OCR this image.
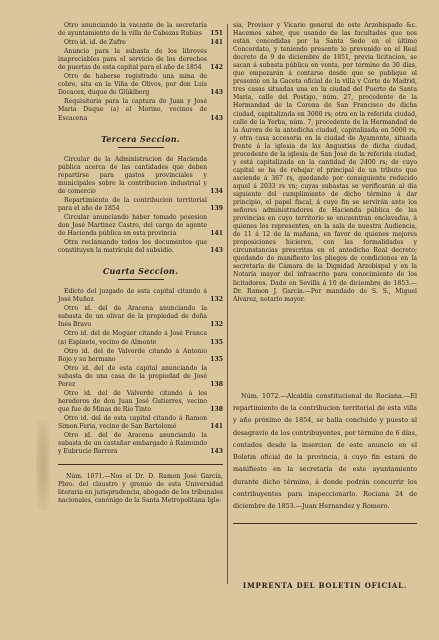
Otro anunciando la vacante de la secretaría de ayuntamiento de la villa de Cabezas Rubias	151
Otro id. id. de Zufre	141
Anuncio para la subasta de los librovés inapreciables para el servicio de los derechos de puertas de esta capital para el año de 1854	142
Otro de haberse registrado una mina de cobre, sita en la Viña de Olivos, por don Luis Docacex, duque de Glükiberg	143
Requisitoria para la captura de Juan y José Maria Duque (a) el Morino, vecinos de Escacena	143
Tercera Seccion.
Circular de la Administracion de Hacienda pública acerca de las cantidades que deben repartirse para gastos provinciales y municipales sobre la contribucion industrial y de comercio	134
Repartimiento de la contribucion territorial para el año de 1854	139
Circular anunciando haber tomado posesion don José Martinez Castro, del cargo de agente de Hacienda pública en esta provincia	141
Otra reclamando todos los documentos que constituyen la matrícula del subsidio.	143
Cuarta Seccion.
Edicto del juzgado de esta capital citando á José Muñoz	132
Otro id. del de Aracena anunciando la subasta de un olivar de la propiedad de doña Inés Bravo	132
Otro id. del de Moguer citando á José Franca (a) Espinete, vecino de Almonte	135
Otro id. del de Valverde citando á Antonio Rojo y su hermano	135
Otro id. del de esta capital anunciando la subasta de una casa de la propiedad de José Perez	138
Otro id. del de Valverde citando á los herederos de don Juan José Gutierres, vecino que fue de Minas de Rio Tinto	138
Otro id. del de esta capital citando á Ramon Simon Feria, vecino de San Bartolomé	141
Otro id. del de Aracena anunciando la subasta de un castañar embargado á Raimundo y Eubrucio Barrera	143

Núm. 1071.—Nos el Dr. D. Ramon José García, Pbro. del claustro y gremio de esta Universidad literaria en jurisprudencia, abogado de los tribunales nacionales, canónigo de la Santa Metropolitana Igle-

sia, Provisor y Vicario general de este Arzobispado &c. Hacemos saber, que usando de las facultades que nos están concedidas por la Santa Sede en el último Concordato, y teniendo presente lo prevenido en el Real decreto de 9 de diciembre de 1851, previa licitacion, se sacan á subasta pública en venta, por término de 30 días, que empezarán á contarse desde que se publique el presente en la Gaceta oficial de la villa y Corte de Madrid, tres casas situadas una en la ciudad del Puerto de Santa María, calle del Postigo, núm. 27, procedente de la Hermandad de la Corona de San Francisco de dicha ciudad, capitalizada en 3000 rs; otra en la referida ciudad, calle de la Yerba, núm. 7, procedente de la Hermandad de la Aurora de la antedicha ciudad, capitalizada en 5000 rs, y otra casa accesoria en la ciudad de Ayamonte, situada frente á la iglesia de las Angustias de dicha ciudad, procedente de la iglesia de San José de la referida ciudad, y está capitalizada en la cantidad de 2400 rs; de cuyo capital se ha de rebajar el principal de un tributo que asciende á 367 rs, quedando por consiguiente reducido aquel á 2033 rs vn; cuyas subastas se verificarán al día siguiente del cumplimiento de dicho término á dar principio, el papel fiscal, á cuyo fin se servirán ante los señores administradores de Hacienda pública de las provincias en cuyo territorio se encuentran enclavadas, á quienes los representen, en la sala de nuestra Audiencia, de 11 á 12 de la mañana, en favor de quienes mejores proposiciones hicieren, con las formalidades y circunstancias prescritas en el antedicho Real decreto; quedando de manifiesto los pliegos de condiciones en la secretaría de Cámara de la Dignidad Arzobispal y en la Notaría mayor del infrascrito para conocimiento de los licitadores. Dado en Sevilla á 10 de diciembre de 1853.—Dr. Ramon J. García.—Por mandado de S. S., Miguel Alvarez, notario mayor.

Núm. 1072.—Alcaldía constitucional de Rociana.—El repartimiento de la contribucion territorial de esta villa y año próximo de 1854, se halla concluido y puesto al desagravio de los contribuyentes, por término de 6 días, contados desde la insercion de este anuncio en el Boletin oficial de la provincia, á cuyo fin estará de manifiesto en la secretaría de este ayuntamiento durante dicho término, á donde podrán concurrir los contribuyentes para inspeccionarlo. Rociana 24 de diciembre de 1853.—Juan Hernandez y Romero.

IMPRENTA DEL BOLETIN OFICIAL.
